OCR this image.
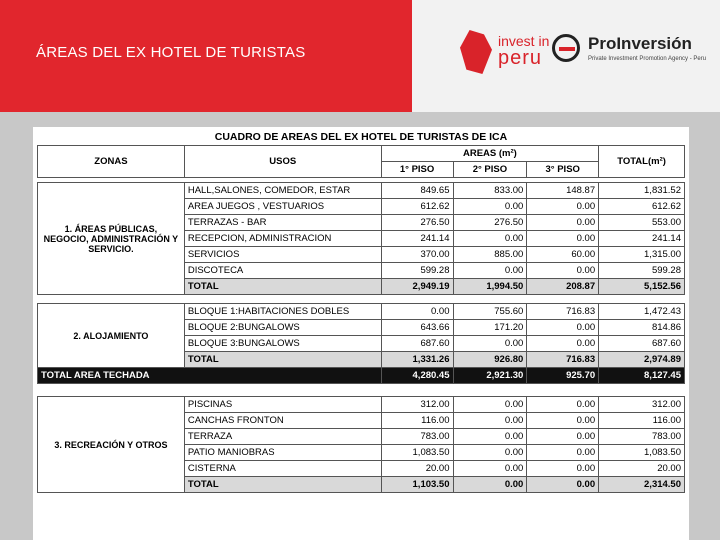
ÁREAS DEL EX HOTEL DE TURISTAS
invest in
peru
ProInversión
Private Investment Promotion Agency - Peru
CUADRO DE AREAS DEL EX HOTEL DE TURISTAS DE ICA					
ZONAS	USOS	AREAS (m²)			TOTAL(m²)
		1° PISO	2° PISO	3° PISO	

1. ÁREAS PÚBLICAS, NEGOCIO, ADMINISTRACIÓN Y SERVICIO.	HALL,SALONES, COMEDOR, ESTAR	849.65	833.00	148.87	1,831.52
	AREA JUEGOS , VESTUARIOS	612.62	0.00	0.00	612.62
	TERRAZAS - BAR	276.50	276.50	0.00	553.00
	RECEPCION, ADMINISTRACION	241.14	0.00	0.00	241.14
	SERVICIOS	370.00	885.00	60.00	1,315.00
	DISCOTECA	599.28	0.00	0.00	599.28
	TOTAL	2,949.19	1,994.50	208.87	5,152.56

2. ALOJAMIENTO	BLOQUE 1:HABITACIONES DOBLES	0.00	755.60	716.83	1,472.43
	BLOQUE 2:BUNGALOWS	643.66	171.20	0.00	814.86
	BLOQUE 3:BUNGALOWS	687.60	0.00	0.00	687.60
	TOTAL	1,331.26	926.80	716.83	2,974.89
TOTAL AREA TECHADA		4,280.45	2,921.30	925.70	8,127.45

3. RECREACIÓN Y OTROS	PISCINAS	312.00	0.00	0.00	312.00
	CANCHAS FRONTON	116.00	0.00	0.00	116.00
	TERRAZA	783.00	0.00	0.00	783.00
	PATIO MANIOBRAS	1,083.50	0.00	0.00	1,083.50
	CISTERNA	20.00	0.00	0.00	20.00
	TOTAL	1,103.50	0.00	0.00	2,314.50
